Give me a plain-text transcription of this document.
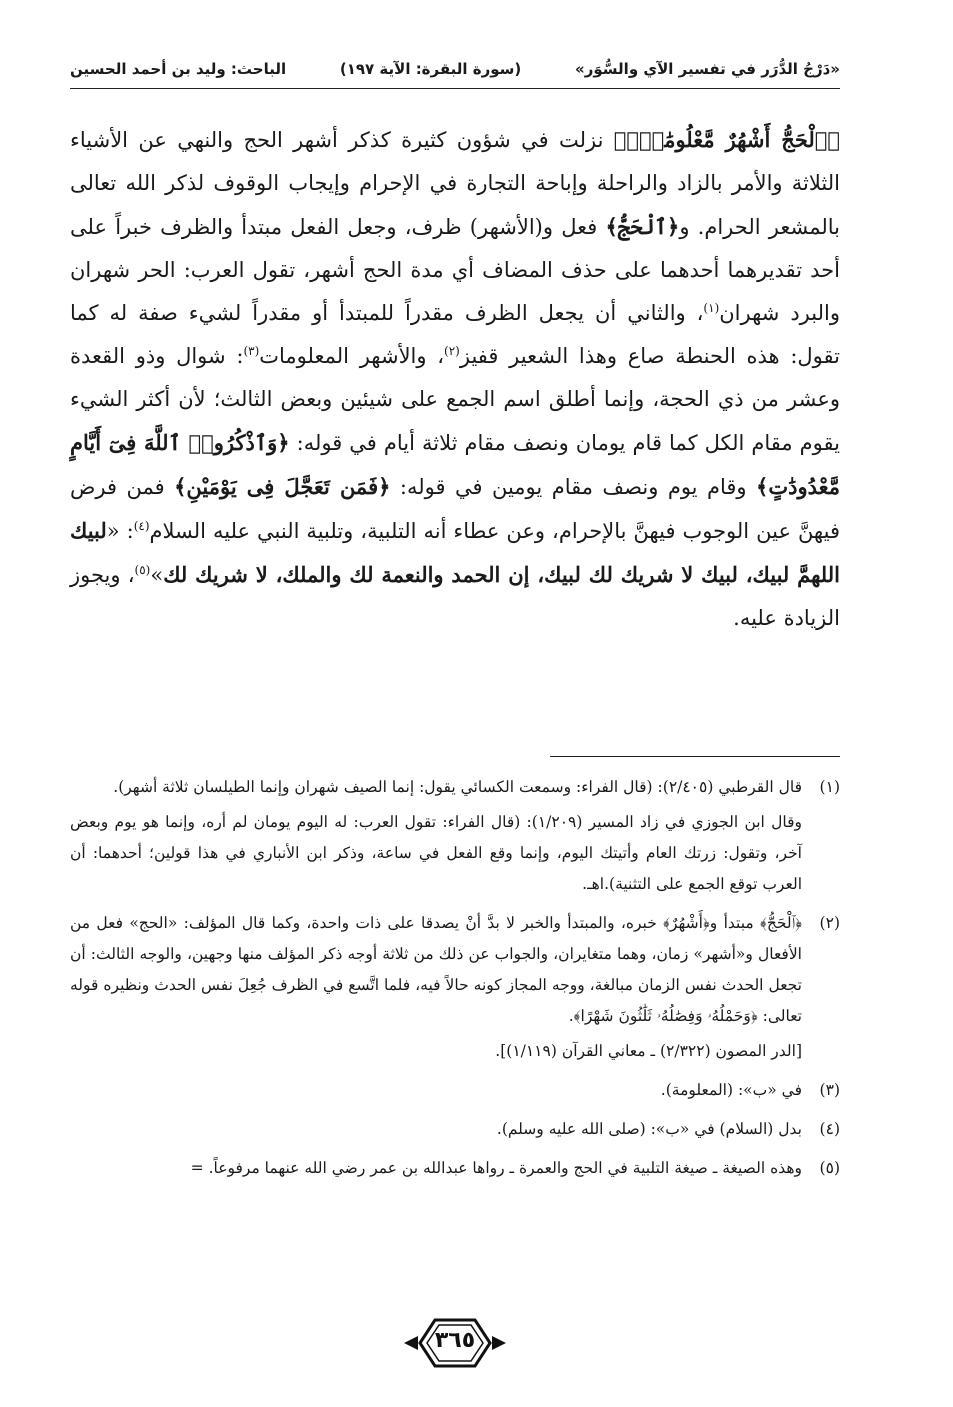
«دَرْجُ الدُّرَر في تفسير الآي والسُّوَر»
(سورة البقرة: الآية ١٩٧)
الباحث: وليد بن أحمد الحسين

﴿ٱلْحَجُّ أَشْهُرٌ مَّعْلُومَٰتٌۚ﴾ نزلت في شؤون كثيرة كذكر أشهر الحج والنهي عن الأشياء الثلاثة والأمر بالزاد والراحلة وإباحة التجارة في الإحرام وإيجاب الوقوف لذكر الله تعالى بالمشعر الحرام. و﴿ٱلْحَجُّ﴾ فعل و(الأشهر) ظرف، وجعل الفعل مبتدأ والظرف خبراً على أحد تقديرهما أحدهما على حذف المضاف أي مدة الحج أشهر، تقول العرب: الحر شهران والبرد شهران$^{(١)}$، والثاني أن يجعل الظرف مقدراً للمبتدأ أو مقدراً لشيء صفة له كما تقول: هذه الحنطة صاع وهذا الشعير قفيز$^{(٢)}$، والأشهر المعلومات$^{(٣)}$: شوال وذو القعدة وعشر من ذي الحجة، وإنما أطلق اسم الجمع على شيئين وبعض الثالث؛ لأن أكثر الشيء يقوم مقام الكل كما قام يومان ونصف مقام ثلاثة أيام في قوله: ﴿وَٱذْكُرُوا۟ ٱللَّهَ فِىٓ أَيَّامٍ مَّعْدُودَٰتٍ﴾ وقام يوم ونصف مقام يومين في قوله: ﴿فَمَن تَعَجَّلَ فِى يَوْمَيْنِ﴾ فمن فرض فيهنَّ عين الوجوب فيهنَّ بالإحرام، وعن عطاء أنه التلبية، وتلبية النبي عليه السلام$^{(٤)}$: «لبيك اللهمَّ لبيك، لبيك لا شريك لك لبيك، إن الحمد والنعمة لك والملك، لا شريك لك»$^{(٥)}$، ويجوز الزيادة عليه.

(١)

قال القرطبي (٢/٤٠٥): (قال الفراء: وسمعت الكسائي يقول: إنما الصيف شهران وإنما الطيلسان ثلاثة أشهر).

وقال ابن الجوزي في زاد المسير (١/٢٠٩): (قال الفراء: تقول العرب: له اليوم يومان لم أره، وإنما هو يوم وبعض آخر، وتقول: زرتك العام وأتيتك اليوم، وإنما وقع الفعل في ساعة، وذكر ابن الأنباري في هذا قولين؛ أحدهما: أن العرب توقع الجمع على التثنية).اهـ.

(٢)

﴿ٱلْحَجُّ﴾ مبتدأ و﴿أَشْهُرٌ﴾ خبره، والمبتدأ والخبر لا بدَّ أنْ يصدقا على ذات واحدة، وكما قال المؤلف: «الحج» فعل من الأفعال و«أشهر» زمان، وهما متغايران، والجواب عن ذلك من ثلاثة أوجه ذكر المؤلف منها وجهين، والوجه الثالث: أن تجعل الحدث نفس الزمان مبالغة، ووجه المجاز كونه حالاً فيه، فلما اتَّسع في الظرف جُعِلَ نفس الحدث ونظيره قوله تعالى: ﴿وَحَمْلُهُۥ وَفِصَٰلُهُۥ ثَلَٰثُونَ شَهْرًا﴾.

[الدر المصون (٢/٣٢٢) ـ معاني القرآن (١/١١٩)].

(٣)

في «ب»: (المعلومة).

(٤)

بدل (السلام) في «ب»: (صلى الله عليه وسلم).

(٥)

وهذه الصيغة ـ صيغة التلبية في الحج والعمرة ـ رواها عبدالله بن عمر رضي الله عنهما مرفوعاً. =

٣٦٥
